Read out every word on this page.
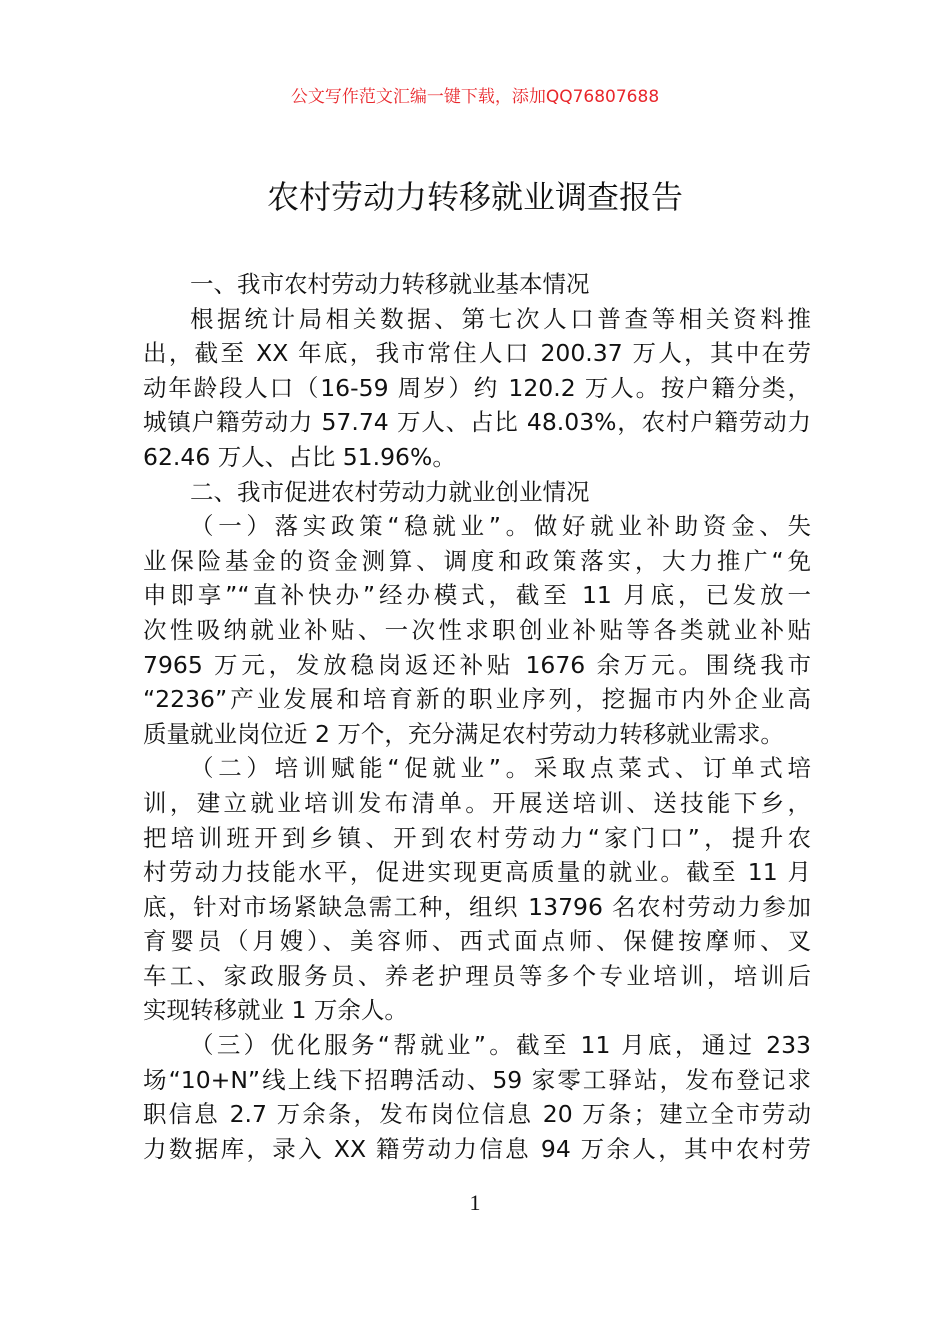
公文写作范文汇编一键下载，添加QQ76807688
农村劳动力转移就业调查报告
一、我市农村劳动力转移就业基本情况
根据统计局相关数据、第七次人口普查等相关资料推
出，截至 XX 年底，我市常住人口 200.37 万人，其中在劳
动年龄段人口（16-59 周岁）约 120.2 万人。按户籍分类，
城镇户籍劳动力 57.74 万人、占比 48.03%，农村户籍劳动力
62.46 万人、占比 51.96%。
二、我市促进农村劳动力就业创业情况
（一）落实政策“稳就业”。做好就业补助资金、失
业保险基金的资金测算、调度和政策落实，大力推广“免
申即享”“直补快办”经办模式，截至 11 月底，已发放一
次性吸纳就业补贴、一次性求职创业补贴等各类就业补贴
7965 万元，发放稳岗返还补贴 1676 余万元。围绕我市
“2236”产业发展和培育新的职业序列，挖掘市内外企业高
质量就业岗位近 2 万个，充分满足农村劳动力转移就业需求。
（二）培训赋能“促就业”。采取点菜式、订单式培
训，建立就业培训发布清单。开展送培训、送技能下乡，
把培训班开到乡镇、开到农村劳动力“家门口”，提升农
村劳动力技能水平，促进实现更高质量的就业。截至 11 月
底，针对市场紧缺急需工种，组织 13796 名农村劳动力参加
育婴员（月嫂）、美容师、西式面点师、保健按摩师、叉
车工、家政服务员、养老护理员等多个专业培训，培训后
实现转移就业 1 万余人。
（三）优化服务“帮就业”。截至 11 月底，通过 233
场“10+N”线上线下招聘活动、59 家零工驿站，发布登记求
职信息 2.7 万余条，发布岗位信息 20 万条；建立全市劳动
力数据库，录入 XX 籍劳动力信息 94 万余人，其中农村劳
1
